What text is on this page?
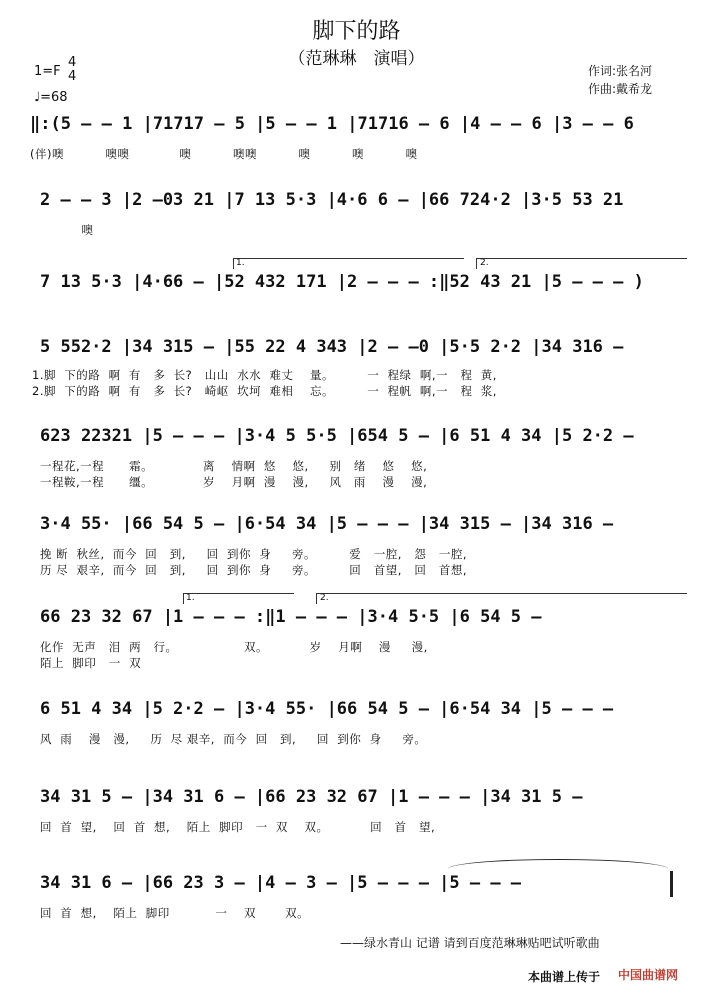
脚下的路
（范琳琳　演唱）
1=F
4
4
♩=68
作词:张名河
作曲:戴希龙
‖:(5 – – 1 |71717 – 5 |5 – – 1 |71716 – 6 |4 – – 6 |3 – – 6
(伴)噢          噢噢            噢          噢噢          噢          噢          噢
2 – – 3 |2 –03 21 |7 13 5·3 |4·6 6 – |66 724·2 |3·5 53 21
噢
1.	2.
7 13 5·3 |4·66 – |52 432 171 |2 – – – :‖52 43 21 |5 – – – )
5 552·2 |34 315 – |55 22 4 343 |2 – –0 |5·5 2·2 |34 316 –
1.脚  下的路  啊  有   多  长?   山山  水水  难丈    量。        一  程绿  啊,一   程  黄,
2.脚  下的路  啊  有   多  长?   崎岖  坎坷  难相    忘。        一  程帆  啊,一   程  浆,
623 22321 |5 – – – |3·4 5 5·5 |654 5 – |6 51 4 34 |5 2·2 –
一程花,一程      霜。            离    情啊  悠    悠,     别   绪    悠    悠,
一程鞍,一程      缰。            岁    月啊  漫    漫,     风   雨    漫    漫,
3·4 55· |66 54 5 – |6·54 34 |5 – – – |34 315 – |34 316 –
挽 断  秋丝,  而今  回   到,     回  到你  身     旁。        爱   一腔,   怨   一腔,
历 尽  艰辛,  而今  回   到,     回  到你  身     旁。        回   首望,   回   首想,
1.	2.
66 23 32 67 |1 – – – :‖1 – – – |3·4 5·5 |6 54 5 –
化作  无声   泪  两   行。                双。          岁    月啊    漫     漫,
陌上  脚印   一  双
6 51 4 34 |5 2·2 – |3·4 55· |66 54 5 – |6·54 34 |5 – – –
风  雨    漫   漫,     历  尽 艰辛,  而今  回   到,     回  到你  身     旁。
34 31 5 – |34 31 6 – |66 23 32 67 |1 – – – |34 31 5 –
回  首  望,    回  首  想,    陌上  脚印   一  双    双。          回   首   望,
34 31 6 – |66 23 3 – |4 – 3 – |5 – – – |5 – – –
回  首  想,    陌上  脚印           一    双       双。
——绿水青山 记谱 请到百度范琳琳贴吧试听歌曲
本曲谱上传于 中国曲谱网
